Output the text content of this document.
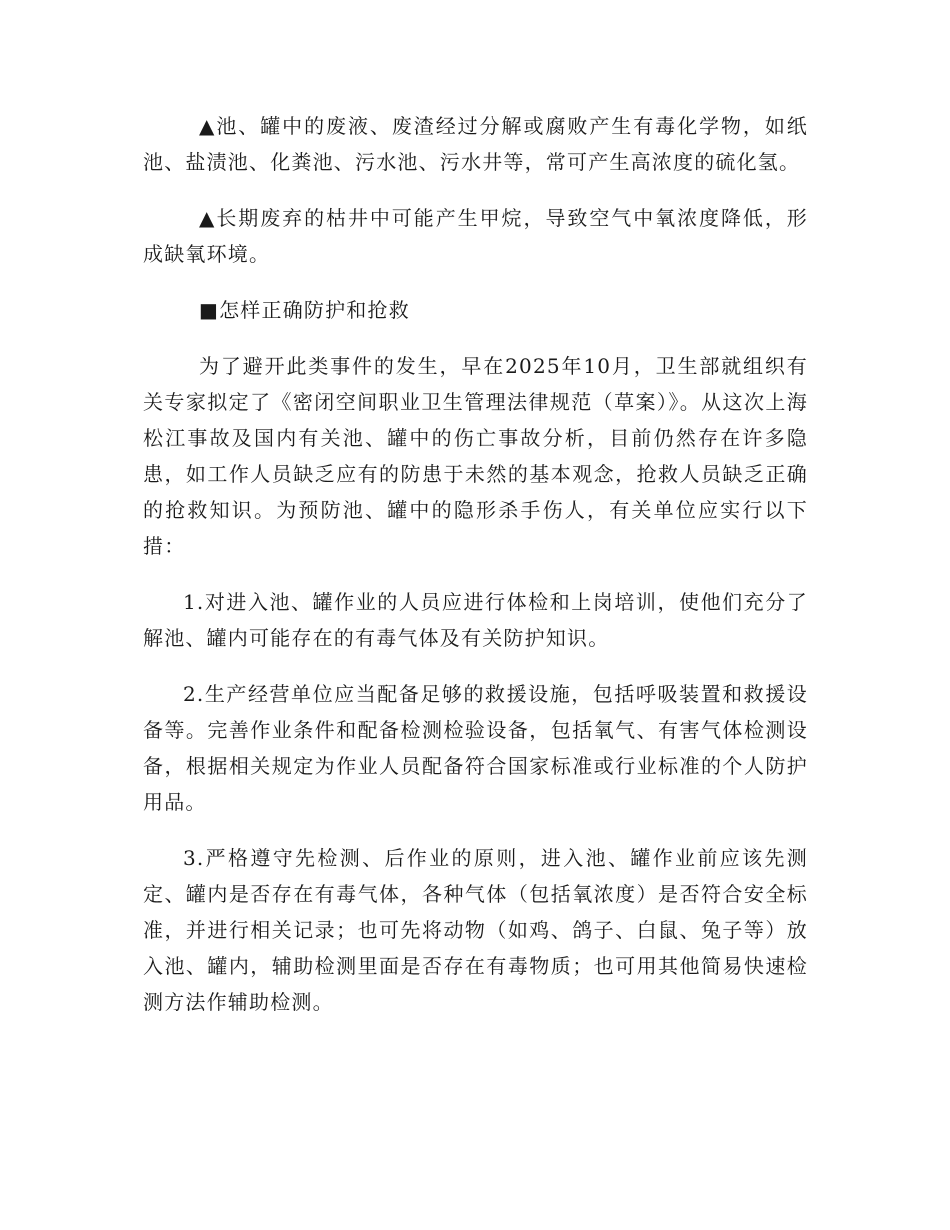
▲池、罐中的废液、废渣经过分解或腐败产生有毒化学物，如纸池、盐渍池、化粪池、污水池、污水井等，常可产生高浓度的硫化氢。

▲长期废弃的枯井中可能产生甲烷，导致空气中氧浓度降低，形成缺氧环境。

■怎样正确防护和抢救

为了避开此类事件的发生，早在2025年10月，卫生部就组织有关专家拟定了《密闭空间职业卫生管理法律规范（草案）》。从这次上海松江事故及国内有关池、罐中的伤亡事故分析，目前仍然存在许多隐患，如工作人员缺乏应有的防患于未然的基本观念，抢救人员缺乏正确的抢救知识。为预防池、罐中的隐形杀手伤人，有关单位应实行以下措：

1.对进入池、罐作业的人员应进行体检和上岗培训，使他们充分了解池、罐内可能存在的有毒气体及有关防护知识。

2.生产经营单位应当配备足够的救援设施，包括呼吸装置和救援设备等。完善作业条件和配备检测检验设备，包括氧气、有害气体检测设备，根据相关规定为作业人员配备符合国家标准或行业标准的个人防护用品。

3.严格遵守先检测、后作业的原则，进入池、罐作业前应该先测定、罐内是否存在有毒气体，各种气体（包括氧浓度）是否符合安全标准，并进行相关记录；也可先将动物（如鸡、鸽子、白鼠、兔子等）放入池、罐内，辅助检测里面是否存在有毒物质；也可用其他简易快速检测方法作辅助检测。
